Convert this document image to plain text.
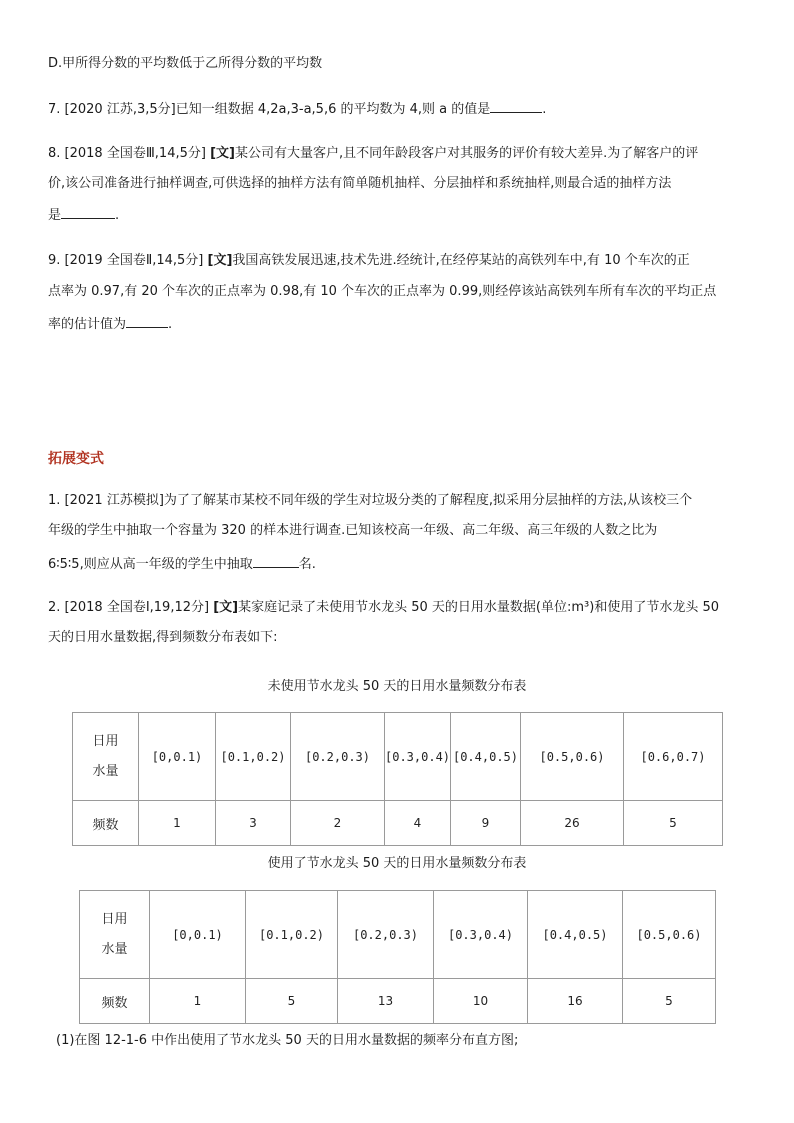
D.甲所得分数的平均数低于乙所得分数的平均数
7. [2020 江苏,3,5分]已知一组数据 4,2a,3-a,5,6 的平均数为 4,则 a 的值是	.
8. [2018 全国卷Ⅲ,14,5分] [文]某公司有大量客户,且不同年龄段客户对其服务的评价有较大差异.为了解客户的评
价,该公司准备进行抽样调查,可供选择的抽样方法有简单随机抽样、分层抽样和系统抽样,则最合适的抽样方法
是	.
9. [2019 全国卷Ⅱ,14,5分] [文]我国高铁发展迅速,技术先进.经统计,在经停某站的高铁列车中,有 10 个车次的正
点率为 0.97,有 20 个车次的正点率为 0.98,有 10 个车次的正点率为 0.99,则经停该站高铁列车所有车次的平均正点
率的估计值为	.
拓展变式
1. [2021 江苏模拟]为了了解某市某校不同年级的学生对垃圾分类的了解程度,拟采用分层抽样的方法,从该校三个
年级的学生中抽取一个容量为 320 的样本进行调查.已知该校高一年级、高二年级、高三年级的人数之比为
6∶5∶5,则应从高一年级的学生中抽取	名.
2. [2018 全国卷Ⅰ,19,12分] [文]某家庭记录了未使用节水龙头 50 天的日用水量数据(单位:m³)和使用了节水龙头 50
天的日用水量数据,得到频数分布表如下:
未使用节水龙头 50 天的日用水量频数分布表
日用
水量	[0,0.1)	[0.1,0.2)	[0.2,0.3)	[0.3,0.4)	[0.4,0.5)	[0.5,0.6)	[0.6,0.7)
频数	1	3	2	4	9	26	5
使用了节水龙头 50 天的日用水量频数分布表
日用
水量	[0,0.1)	[0.1,0.2)	[0.2,0.3)	[0.3,0.4)	[0.4,0.5)	[0.5,0.6)
频数	1	5	13	10	16	5
(1)在图 12-1-6 中作出使用了节水龙头 50 天的日用水量数据的频率分布直方图;
